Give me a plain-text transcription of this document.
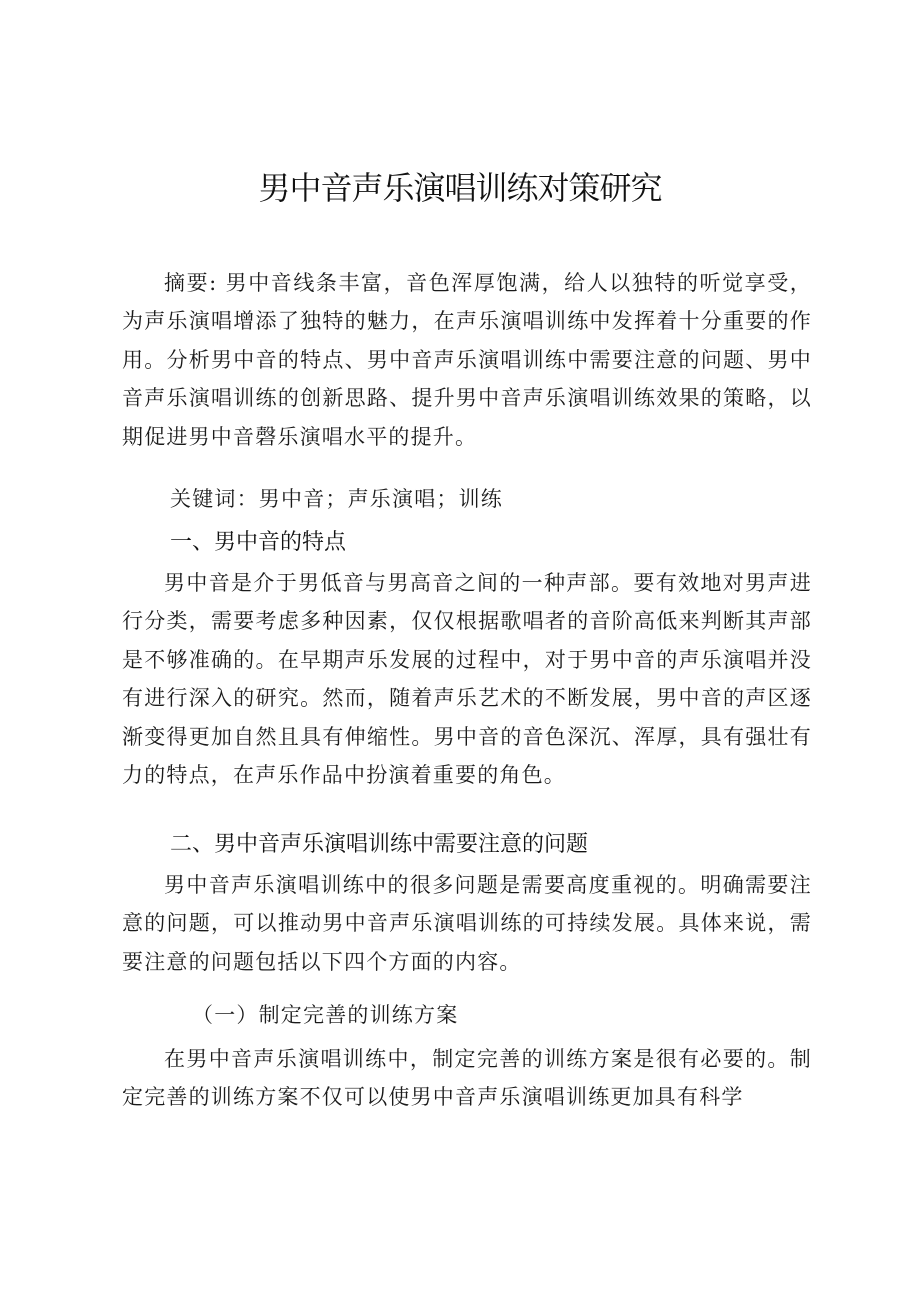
男中音声乐演唱训练对策研究

摘要: 男中音线条丰富，音色浑厚饱满，给人以独特的听觉享受，为声乐演唱增添了独特的魅力，在声乐演唱训练中发挥着十分重要的作用。分析男中音的特点、男中音声乐演唱训练中需要注意的问题、男中音声乐演唱训练的创新思路、提升男中音声乐演唱训练效果的策略，以期促进男中音磬乐演唱水平的提升。

关键词：男中音；声乐演唱；训练
一、男中音的特点

男中音是介于男低音与男高音之间的一种声部。要有效地对男声进行分类，需要考虑多种因素，仅仅根据歌唱者的音阶高低来判断其声部是不够准确的。在早期声乐发展的过程中，对于男中音的声乐演唱并没有进行深入的研究。然而，随着声乐艺术的不断发展，男中音的声区逐渐变得更加自然且具有伸缩性。男中音的音色深沉、浑厚，具有强壮有力的特点，在声乐作品中扮演着重要的角色。

二、男中音声乐演唱训练中需要注意的问题

男中音声乐演唱训练中的很多问题是需要高度重视的。明确需要注意的问题，可以推动男中音声乐演唱训练的可持续发展。具体来说，需要注意的问题包括以下四个方面的内容。

（一）制定完善的训练方案

在男中音声乐演唱训练中，制定完善的训练方案是很有必要的。制定完善的训练方案不仅可以使男中音声乐演唱训练更加具有科学
